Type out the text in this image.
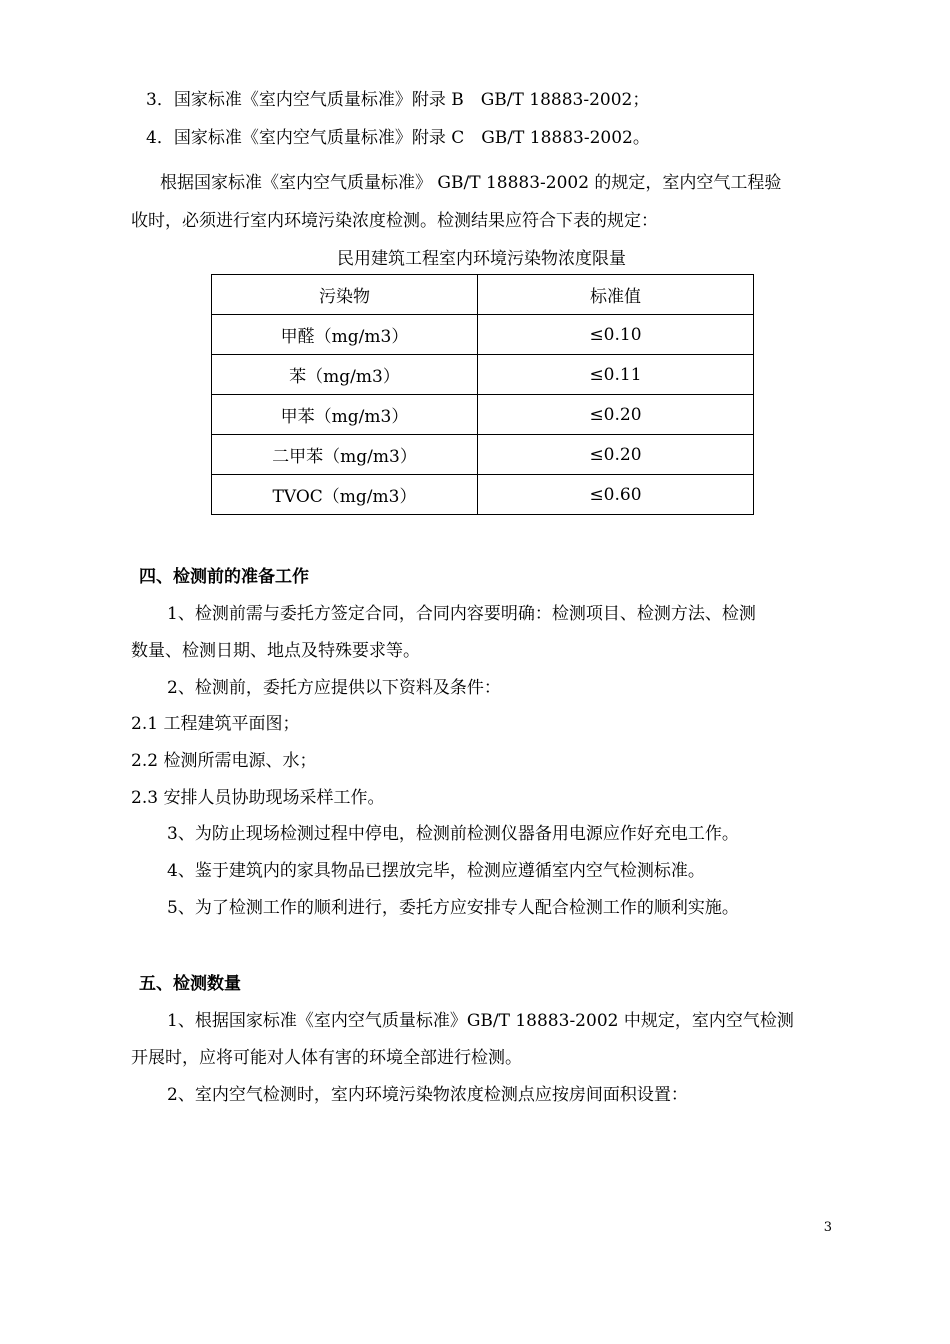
3．国家标准《室内空气质量标准》附录 B　GB/T 18883-2002；
4．国家标准《室内空气质量标准》附录 C　GB/T 18883-2002。
根据国家标准《室内空气质量标准》 GB/T 18883-2002 的规定，室内空气工程验
收时，必须进行室内环境污染浓度检测。检测结果应符合下表的规定：
民用建筑工程室内环境污染物浓度限量
污染物	标准值
甲醛（mg/m3）	≤0.10
苯（mg/m3）	≤0.11
甲苯（mg/m3）	≤0.20
二甲苯（mg/m3）	≤0.20
TVOC（mg/m3）	≤0.60
四、检测前的准备工作
1、检测前需与委托方签定合同，合同内容要明确：检测项目、检测方法、检测
数量、检测日期、地点及特殊要求等。
2、检测前，委托方应提供以下资料及条件：
2.1 工程建筑平面图；
2.2 检测所需电源、水；
2.3 安排人员协助现场采样工作。
3、为防止现场检测过程中停电，检测前检测仪器备用电源应作好充电工作。
4、鉴于建筑内的家具物品已摆放完毕，检测应遵循室内空气检测标准。
5、为了检测工作的顺利进行，委托方应安排专人配合检测工作的顺利实施。
五、检测数量
1、根据国家标准《室内空气质量标准》GB/T 18883-2002 中规定，室内空气检测
开展时，应将可能对人体有害的环境全部进行检测。
2、室内空气检测时，室内环境污染物浓度检测点应按房间面积设置：
3
